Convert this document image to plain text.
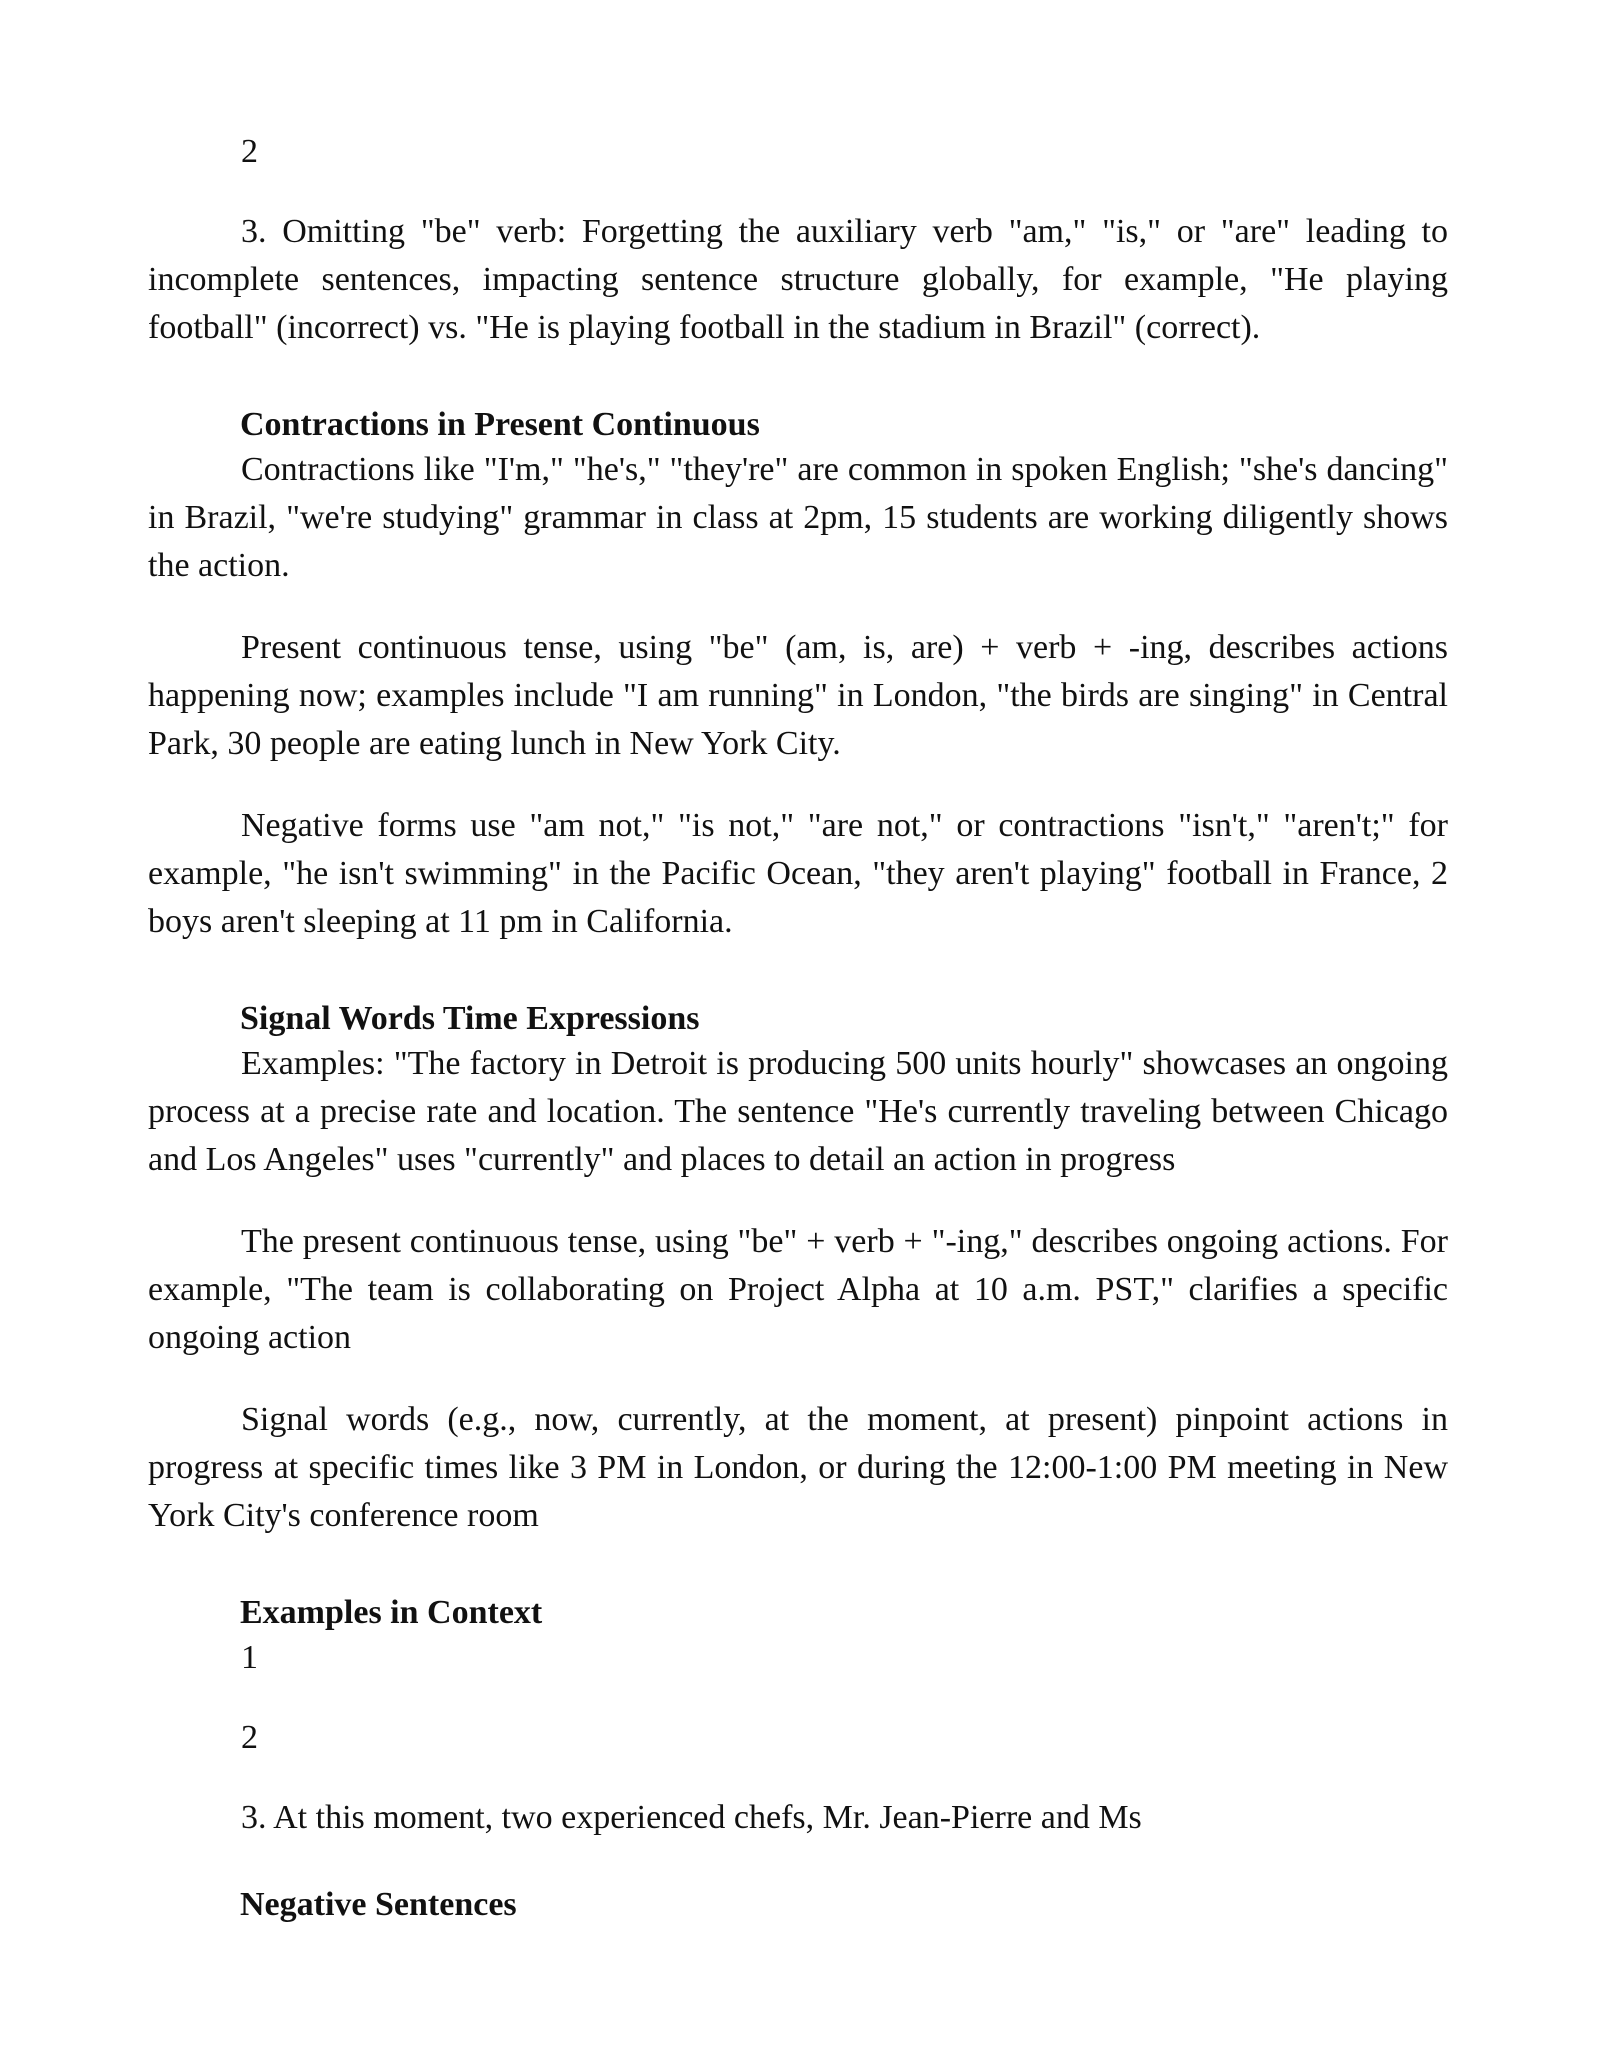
2

3. Omitting "be" verb: Forgetting the auxiliary verb "am," "is," or "are" leading to incomplete sentences, impacting sentence structure globally, for example, "He playing football" (incorrect) vs. "He is playing football in the stadium in Brazil" (correct).

Contractions in Present Continuous

Contractions like "I'm," "he's," "they're" are common in spoken English; "she's dancing" in Brazil, "we're studying" grammar in class at 2pm, 15 students are working diligently shows the action.

Present continuous tense, using "be" (am, is, are) + verb + -ing, describes actions happening now; examples include "I am running" in London, "the birds are singing" in Central Park, 30 people are eating lunch in New York City.

Negative forms use "am not," "is not," "are not," or contractions "isn't," "aren't;" for example, "he isn't swimming" in the Pacific Ocean, "they aren't playing" football in France, 2 boys aren't sleeping at 11 pm in California.

Signal Words Time Expressions

Examples: "The factory in Detroit is producing 500 units hourly" showcases an ongoing process at a precise rate and location. The sentence "He's currently traveling between Chicago and Los Angeles" uses "currently" and places to detail an action in progress

The present continuous tense, using "be" + verb + "-ing," describes ongoing actions. For example, "The team is collaborating on Project Alpha at 10 a.m. PST," clarifies a specific ongoing action

Signal words (e.g., now, currently, at the moment, at present) pinpoint actions in progress at specific times like 3 PM in London, or during the 12:00-1:00 PM meeting in New York City's conference room

Examples in Context
1
2
3. At this moment, two experienced chefs, Mr. Jean-Pierre and Ms
Negative Sentences
